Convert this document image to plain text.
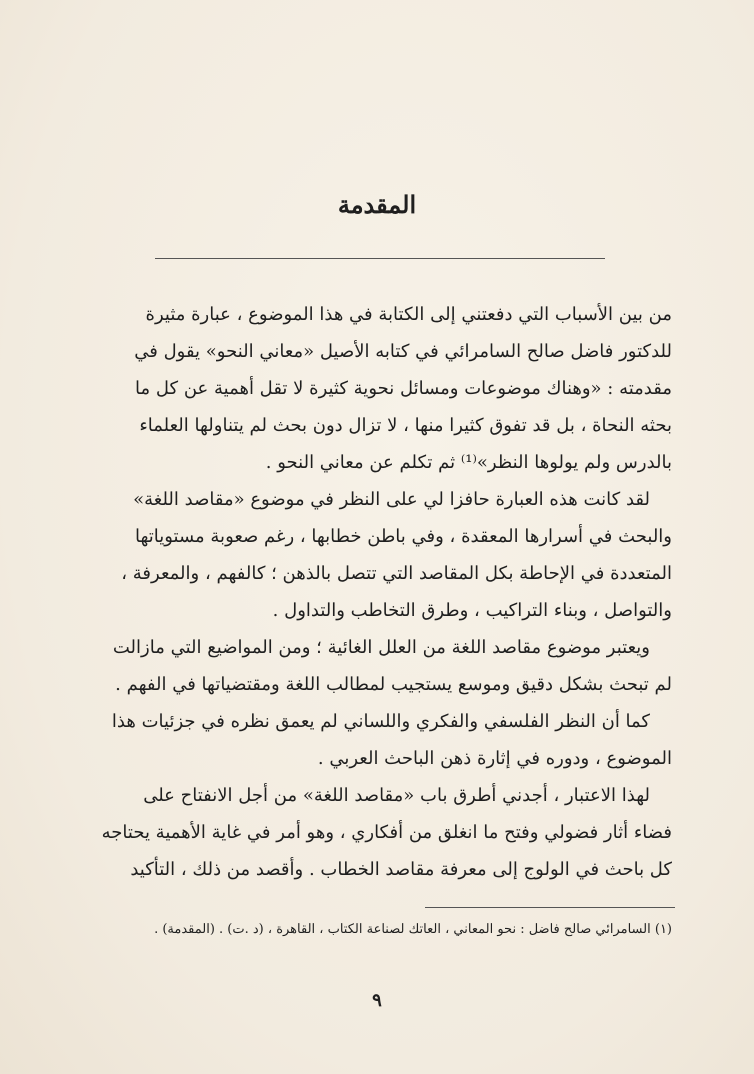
المقدمة
من بين الأسباب التي دفعتني إلى الكتابة في هذا الموضوع ، عبارة مثيرة
للدكتور فاضل صالح السامرائي في كتابه الأصيل «معاني النحو» يقول في
مقدمته : «وهناك موضوعات ومسائل نحوية كثيرة لا تقل أهمية عن كل ما
بحثه النحاة ، بل قد تفوق كثيرا منها ، لا تزال دون بحث لم يتناولها العلماء
بالدرس ولم يولوها النظر»⁽¹⁾ ثم تكلم عن معاني النحو .
لقد كانت هذه العبارة حافزا لي على النظر في موضوع «مقاصد اللغة»
والبحث في أسرارها المعقدة ، وفي باطن خطابها ، رغم صعوبة مستوياتها
المتعددة في الإحاطة بكل المقاصد التي تتصل بالذهن ؛ كالفهم ، والمعرفة ،
والتواصل ، وبناء التراكيب ، وطرق التخاطب والتداول .
ويعتبر موضوع مقاصد اللغة من العلل الغائية ؛ ومن المواضيع التي مازالت
لم تبحث بشكل دقيق وموسع يستجيب لمطالب اللغة ومقتضياتها في الفهم .
كما أن النظر الفلسفي والفكري واللساني لم يعمق نظره في جزئيات هذا
الموضوع ، ودوره في إثارة ذهن الباحث العربي .
لهذا الاعتبار ، أجدني أطرق باب «مقاصد اللغة» من أجل الانفتاح على
فضاء أثار فضولي وفتح ما انغلق من أفكاري ، وهو أمر في غاية الأهمية يحتاجه
كل باحث في الولوج إلى معرفة مقاصد الخطاب . وأقصد من ذلك ، التأكيد
(١) السامرائي صالح فاضل : نحو المعاني ، العاتك لصناعة الكتاب ، القاهرة ، (د .ت) . (المقدمة) .
٩
